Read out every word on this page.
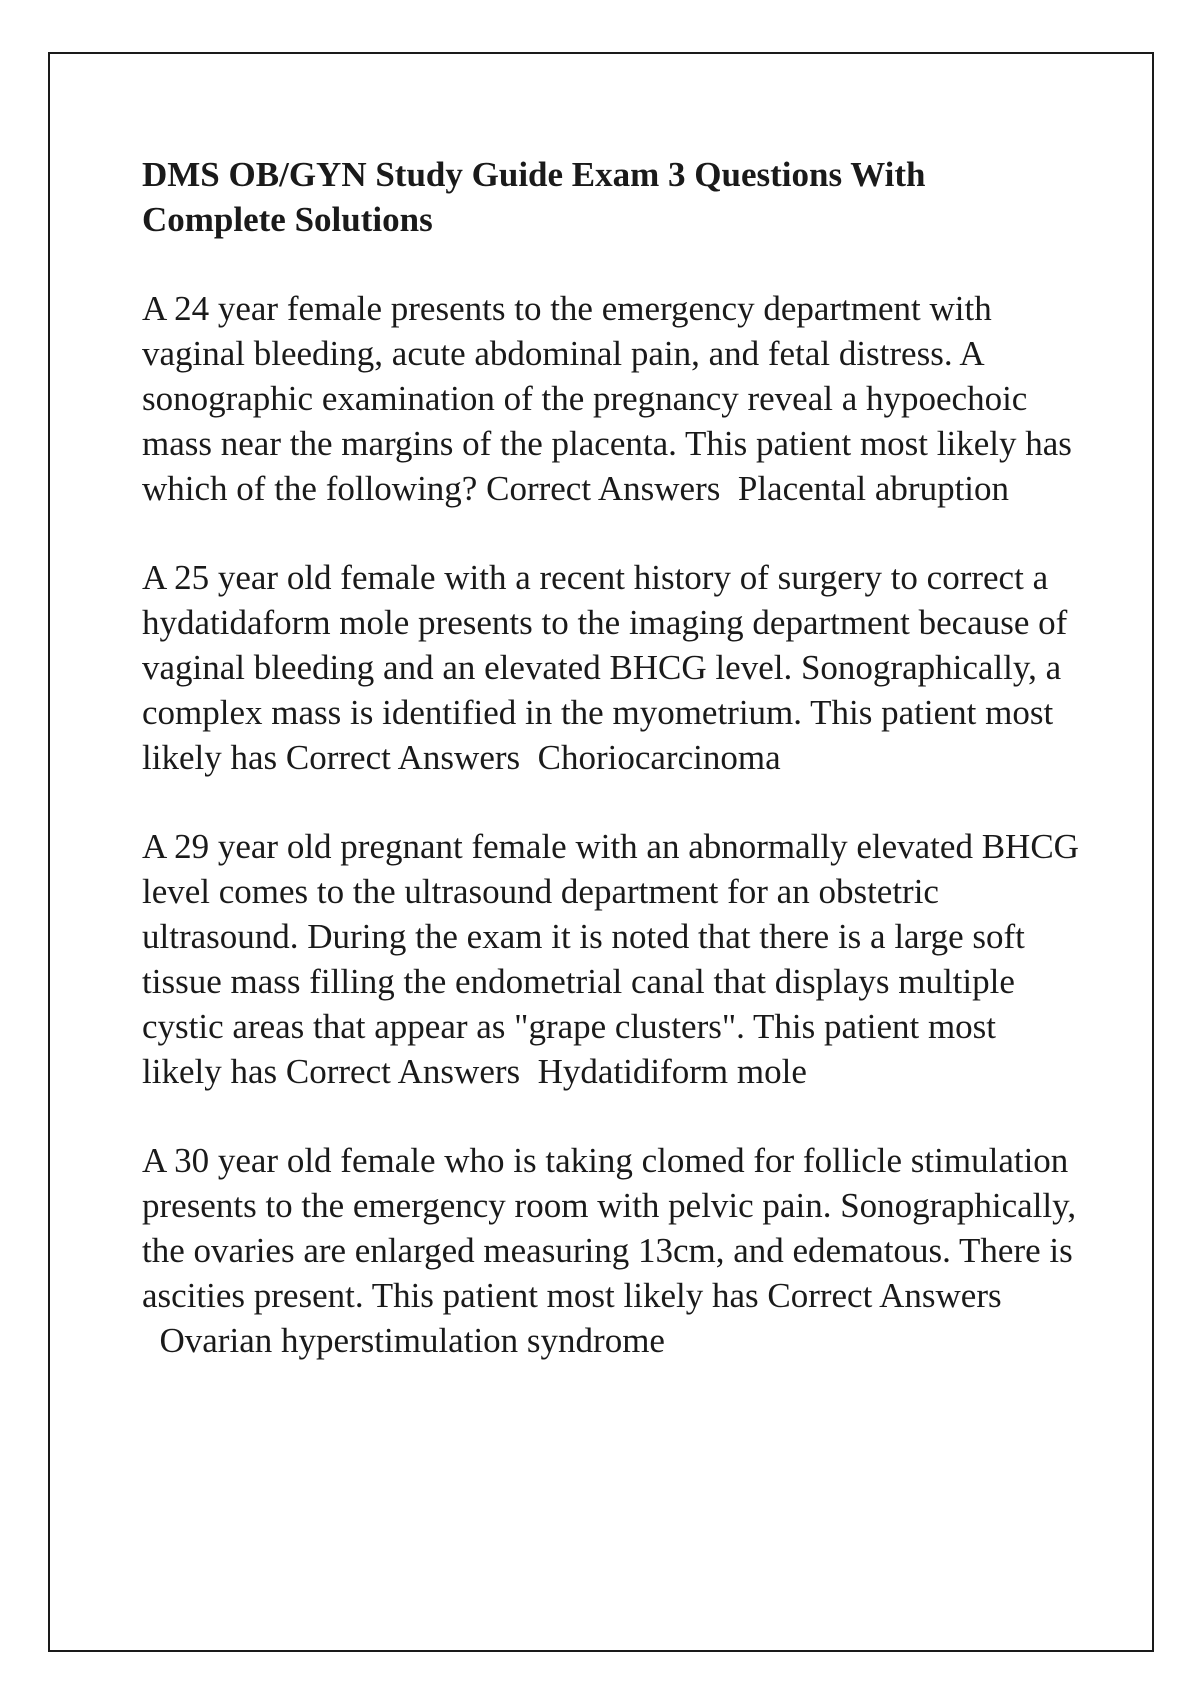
DMS OB/GYN Study Guide Exam 3 Questions With Complete Solutions
A 24 year female presents to the emergency department with vaginal bleeding, acute abdominal pain, and fetal distress. A sonographic examination of the pregnancy reveal a hypoechoic mass near the margins of the placenta. This patient most likely has which of the following? Correct Answers Placental abruption
A 25 year old female with a recent history of surgery to correct a hydatidaform mole presents to the imaging department because of vaginal bleeding and an elevated BHCG level. Sonographically, a complex mass is identified in the myometrium. This patient most likely has Correct Answers Choriocarcinoma
A 29 year old pregnant female with an abnormally elevated BHCG level comes to the ultrasound department for an obstetric ultrasound. During the exam it is noted that there is a large soft tissue mass filling the endometrial canal that displays multiple cystic areas that appear as "grape clusters". This patient most likely has Correct Answers Hydatidiform mole
A 30 year old female who is taking clomed for follicle stimulation presents to the emergency room with pelvic pain. Sonographically, the ovaries are enlarged measuring 13cm, and edematous. There is ascities present. This patient most likely has Correct Answers  Ovarian hyperstimulation syndrome
